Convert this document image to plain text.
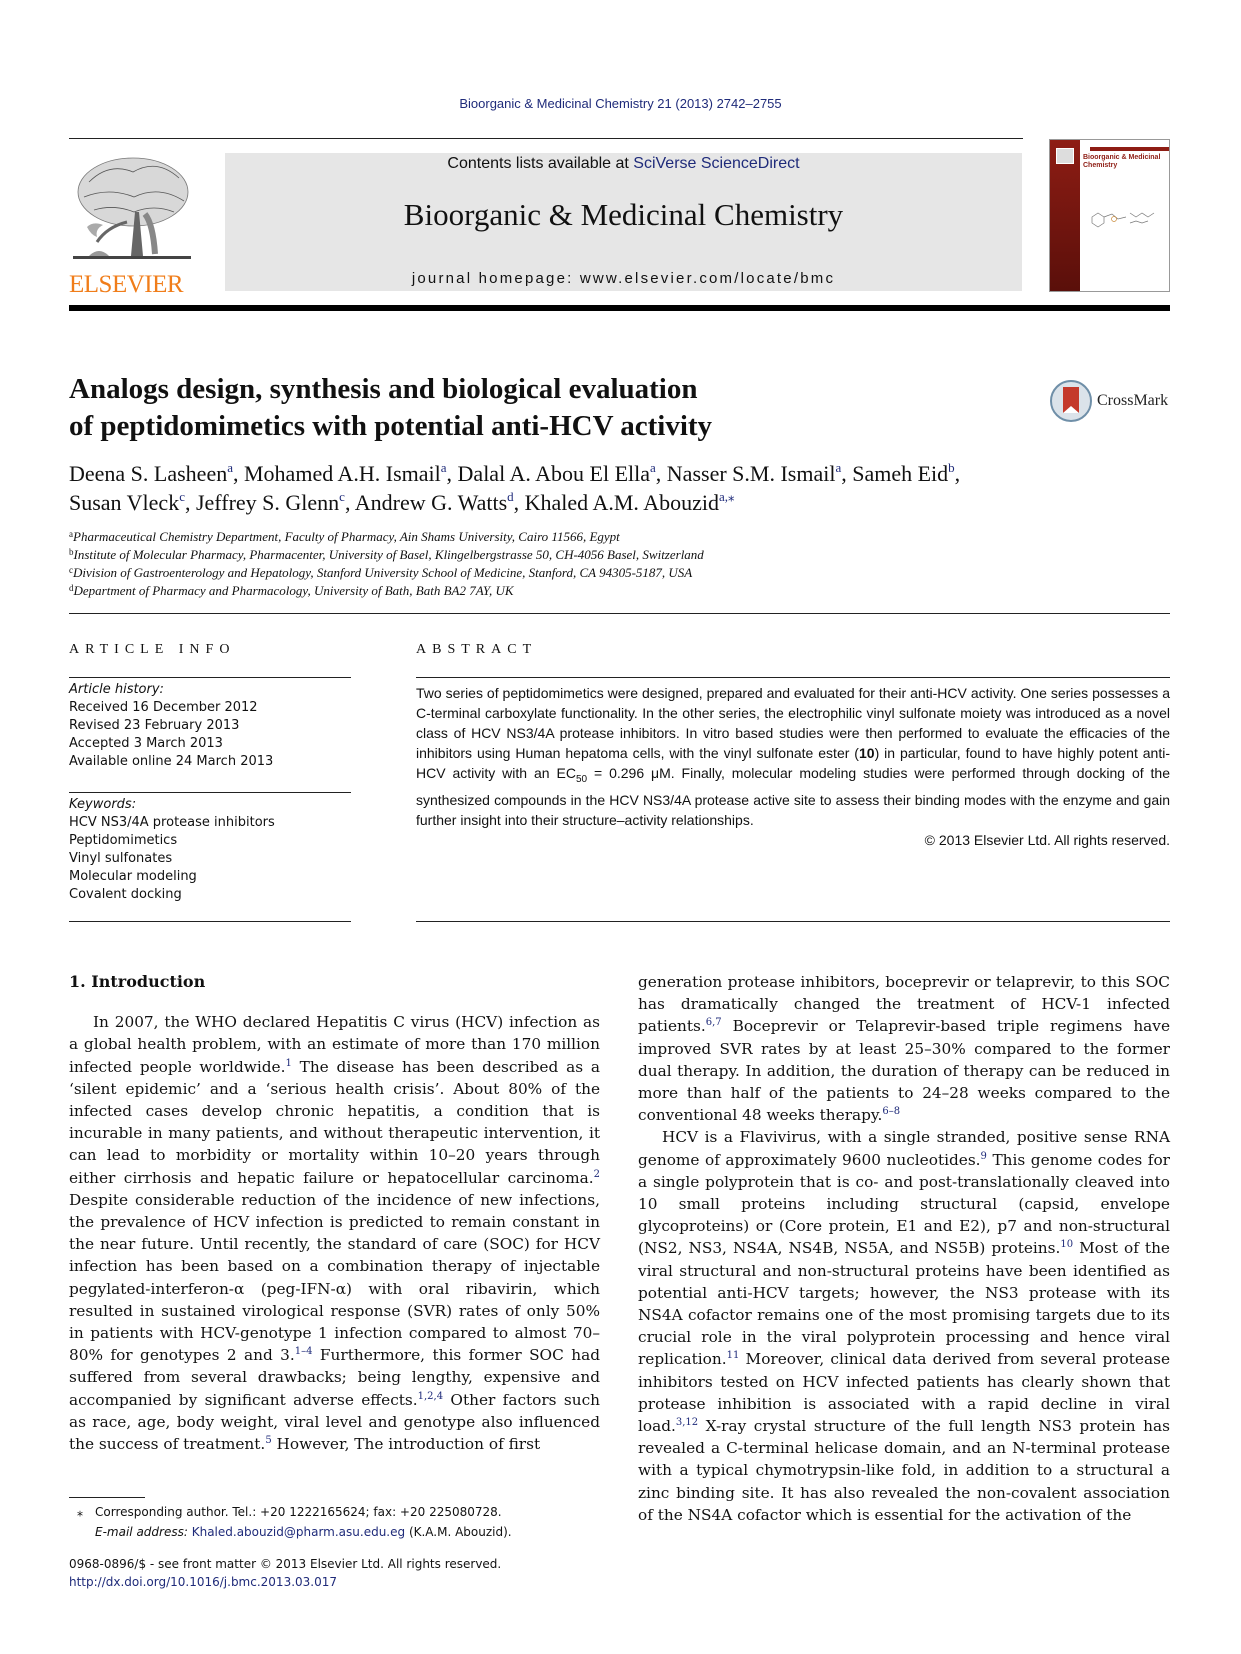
Bioorganic & Medicinal Chemistry 21 (2013) 2742–2755
ELSEVIER
Contents lists available at SciVerse ScienceDirect
Bioorganic & Medicinal Chemistry
journal homepage: www.elsevier.com/locate/bmc
Bioorganic & Medicinal Chemistry
Analogs design, synthesis and biological evaluation
of peptidomimetics with potential anti-HCV activity
CrossMark
Deena S. Lasheen$^a$, Mohamed A.H. Ismail$^a$, Dalal A. Abou El Ella$^a$, Nasser S.M. Ismail$^a$, Sameh Eid$^b$,
Susan Vleck$^c$, Jeffrey S. Glenn$^c$, Andrew G. Watts$^d$, Khaled A.M. Abouzid$^{a,⁎}$
$^a$Pharmaceutical Chemistry Department, Faculty of Pharmacy, Ain Shams University, Cairo 11566, Egypt
$^b$Institute of Molecular Pharmacy, Pharmacenter, University of Basel, Klingelbergstrasse 50, CH-4056 Basel, Switzerland
$^c$Division of Gastroenterology and Hepatology, Stanford University School of Medicine, Stanford, CA 94305-5187, USA
$^d$Department of Pharmacy and Pharmacology, University of Bath, Bath BA2 7AY, UK
ARTICLE INFO	ABSTRACT
Article history:
Received 16 December 2012
Revised 23 February 2013
Accepted 3 March 2013
Available online 24 March 2013
Keywords:
HCV NS3/4A protease inhibitors
Peptidomimetics
Vinyl sulfonates
Molecular modeling
Covalent docking
Two series of peptidomimetics were designed, prepared and evaluated for their anti-HCV activity. One series possesses a C-terminal carboxylate functionality. In the other series, the electrophilic vinyl sulfonate moiety was introduced as a novel class of HCV NS3/4A protease inhibitors. In vitro based studies were then performed to evaluate the efficacies of the inhibitors using Human hepatoma cells, with the vinyl sulfonate ester (10) in particular, found to have highly potent anti-HCV activity with an $EC_{50} = 0.296$ μM. Finally, molecular modeling studies were performed through docking of the synthesized compounds in the HCV NS3/4A protease active site to assess their binding modes with the enzyme and gain further insight into their structure–activity relationships.
© 2013 Elsevier Ltd. All rights reserved.
1. Introduction

In 2007, the WHO declared Hepatitis C virus (HCV) infection as a global health problem, with an estimate of more than 170 million infected people worldwide.$^1$ The disease has been described as a ‘silent epidemic’ and a ‘serious health crisis’. About 80% of the infected cases develop chronic hepatitis, a condition that is incurable in many patients, and without therapeutic intervention, it can lead to morbidity or mortality within 10–20 years through either cirrhosis and hepatic failure or hepatocellular carcinoma.$^2$ Despite considerable reduction of the incidence of new infections, the prevalence of HCV infection is predicted to remain constant in the near future. Until recently, the standard of care (SOC) for HCV infection has been based on a combination therapy of injectable pegylated-interferon-α (peg-IFN-α) with oral ribavirin, which resulted in sustained virological response (SVR) rates of only 50% in patients with HCV-genotype 1 infection compared to almost 70–80% for genotypes 2 and 3.$^{1-4}$ Furthermore, this former SOC had suffered from several drawbacks; being lengthy, expensive and accompanied by significant adverse effects.$^{1,2,4}$ Other factors such as race, age, body weight, viral level and genotype also influenced the success of treatment.$^5$ However, The introduction of first

generation protease inhibitors, boceprevir or telaprevir, to this SOC has dramatically changed the treatment of HCV-1 infected patients.$^{6,7}$ Boceprevir or Telaprevir-based triple regimens have improved SVR rates by at least 25–30% compared to the former dual therapy. In addition, the duration of therapy can be reduced in more than half of the patients to 24–28 weeks compared to the conventional 48 weeks therapy.$^{6-8}$

HCV is a Flavivirus, with a single stranded, positive sense RNA genome of approximately 9600 nucleotides.$^9$ This genome codes for a single polyprotein that is co- and post-translationally cleaved into 10 small proteins including structural (capsid, envelope glycoproteins) or (Core protein, E1 and E2), p7 and non-structural (NS2, NS3, NS4A, NS4B, NS5A, and NS5B) proteins.$^{10}$ Most of the viral structural and non-structural proteins have been identified as potential anti-HCV targets; however, the NS3 protease with its NS4A cofactor remains one of the most promising targets due to its crucial role in the viral polyprotein processing and hence viral replication.$^{11}$ Moreover, clinical data derived from several protease inhibitors tested on HCV infected patients has clearly shown that protease inhibition is associated with a rapid decline in viral load.$^{3,12}$ X-ray crystal structure of the full length NS3 protein has revealed a C-terminal helicase domain, and an N-terminal protease with a typical chymotrypsin-like fold, in addition to a structural a zinc binding site. It has also revealed the non-covalent association of the NS4A cofactor which is essential for the activation of the

⁎ Corresponding author. Tel.: +20 1222165624; fax: +20 225080728.
E-mail address: Khaled.abouzid@pharm.asu.edu.eg (K.A.M. Abouzid).
0968-0896/$ - see front matter © 2013 Elsevier Ltd. All rights reserved.
http://dx.doi.org/10.1016/j.bmc.2013.03.017
